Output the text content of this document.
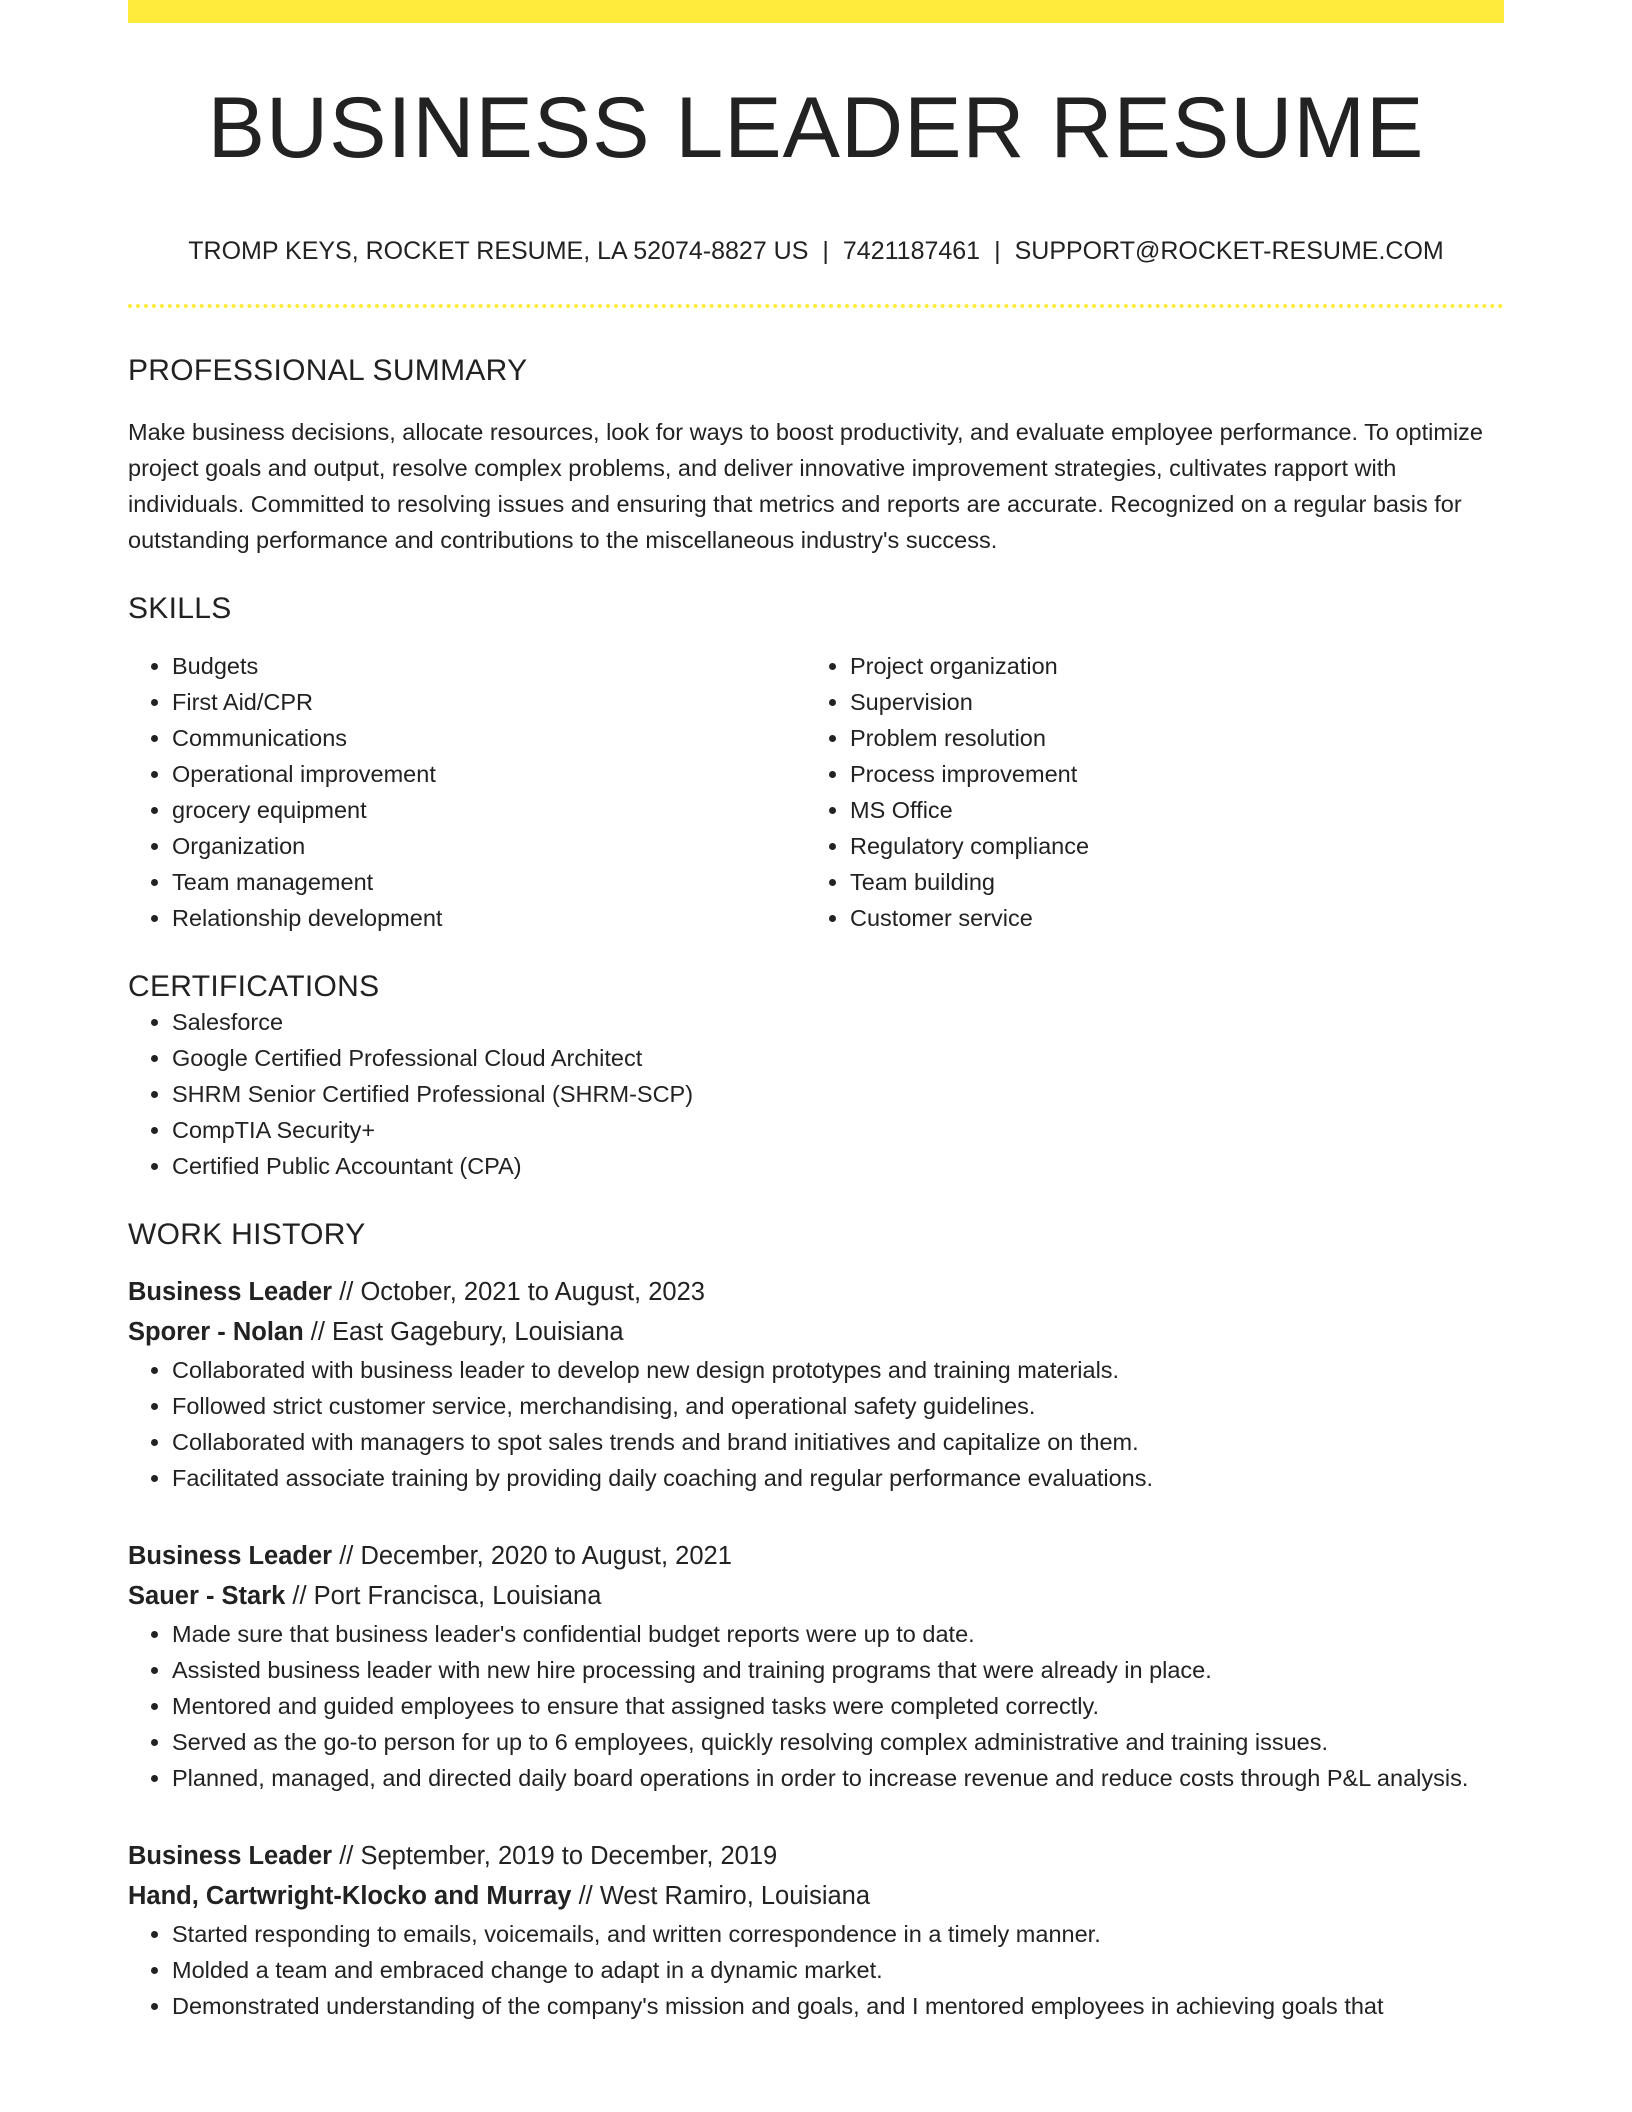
BUSINESS LEADER RESUME
TROMP KEYS, ROCKET RESUME, LA 52074-8827 US | 7421187461 | SUPPORT@ROCKET-RESUME.COM
PROFESSIONAL SUMMARY
Make business decisions, allocate resources, look for ways to boost productivity, and evaluate employee performance. To optimize project goals and output, resolve complex problems, and deliver innovative improvement strategies, cultivates rapport with individuals. Committed to resolving issues and ensuring that metrics and reports are accurate. Recognized on a regular basis for outstanding performance and contributions to the miscellaneous industry's success.
SKILLS
• Budgets
• First Aid/CPR
• Communications
• Operational improvement
• grocery equipment
• Organization
• Team management
• Relationship development
• Project organization
• Supervision
• Problem resolution
• Process improvement
• MS Office
• Regulatory compliance
• Team building
• Customer service
CERTIFICATIONS
• Salesforce
• Google Certified Professional Cloud Architect
• SHRM Senior Certified Professional (SHRM-SCP)
• CompTIA Security+
• Certified Public Accountant (CPA)
WORK HISTORY
Business Leader // October, 2021 to August, 2023
Sporer - Nolan // East Gagebury, Louisiana
• Collaborated with business leader to develop new design prototypes and training materials.
• Followed strict customer service, merchandising, and operational safety guidelines.
• Collaborated with managers to spot sales trends and brand initiatives and capitalize on them.
• Facilitated associate training by providing daily coaching and regular performance evaluations.
Business Leader // December, 2020 to August, 2021
Sauer - Stark // Port Francisca, Louisiana
• Made sure that business leader's confidential budget reports were up to date.
• Assisted business leader with new hire processing and training programs that were already in place.
• Mentored and guided employees to ensure that assigned tasks were completed correctly.
• Served as the go-to person for up to 6 employees, quickly resolving complex administrative and training issues.
• Planned, managed, and directed daily board operations in order to increase revenue and reduce costs through P&L analysis.
Business Leader // September, 2019 to December, 2019
Hand, Cartwright-Klocko and Murray // West Ramiro, Louisiana
• Started responding to emails, voicemails, and written correspondence in a timely manner.
• Molded a team and embraced change to adapt in a dynamic market.
• Demonstrated understanding of the company's mission and goals, and I mentored employees in achieving goals that
